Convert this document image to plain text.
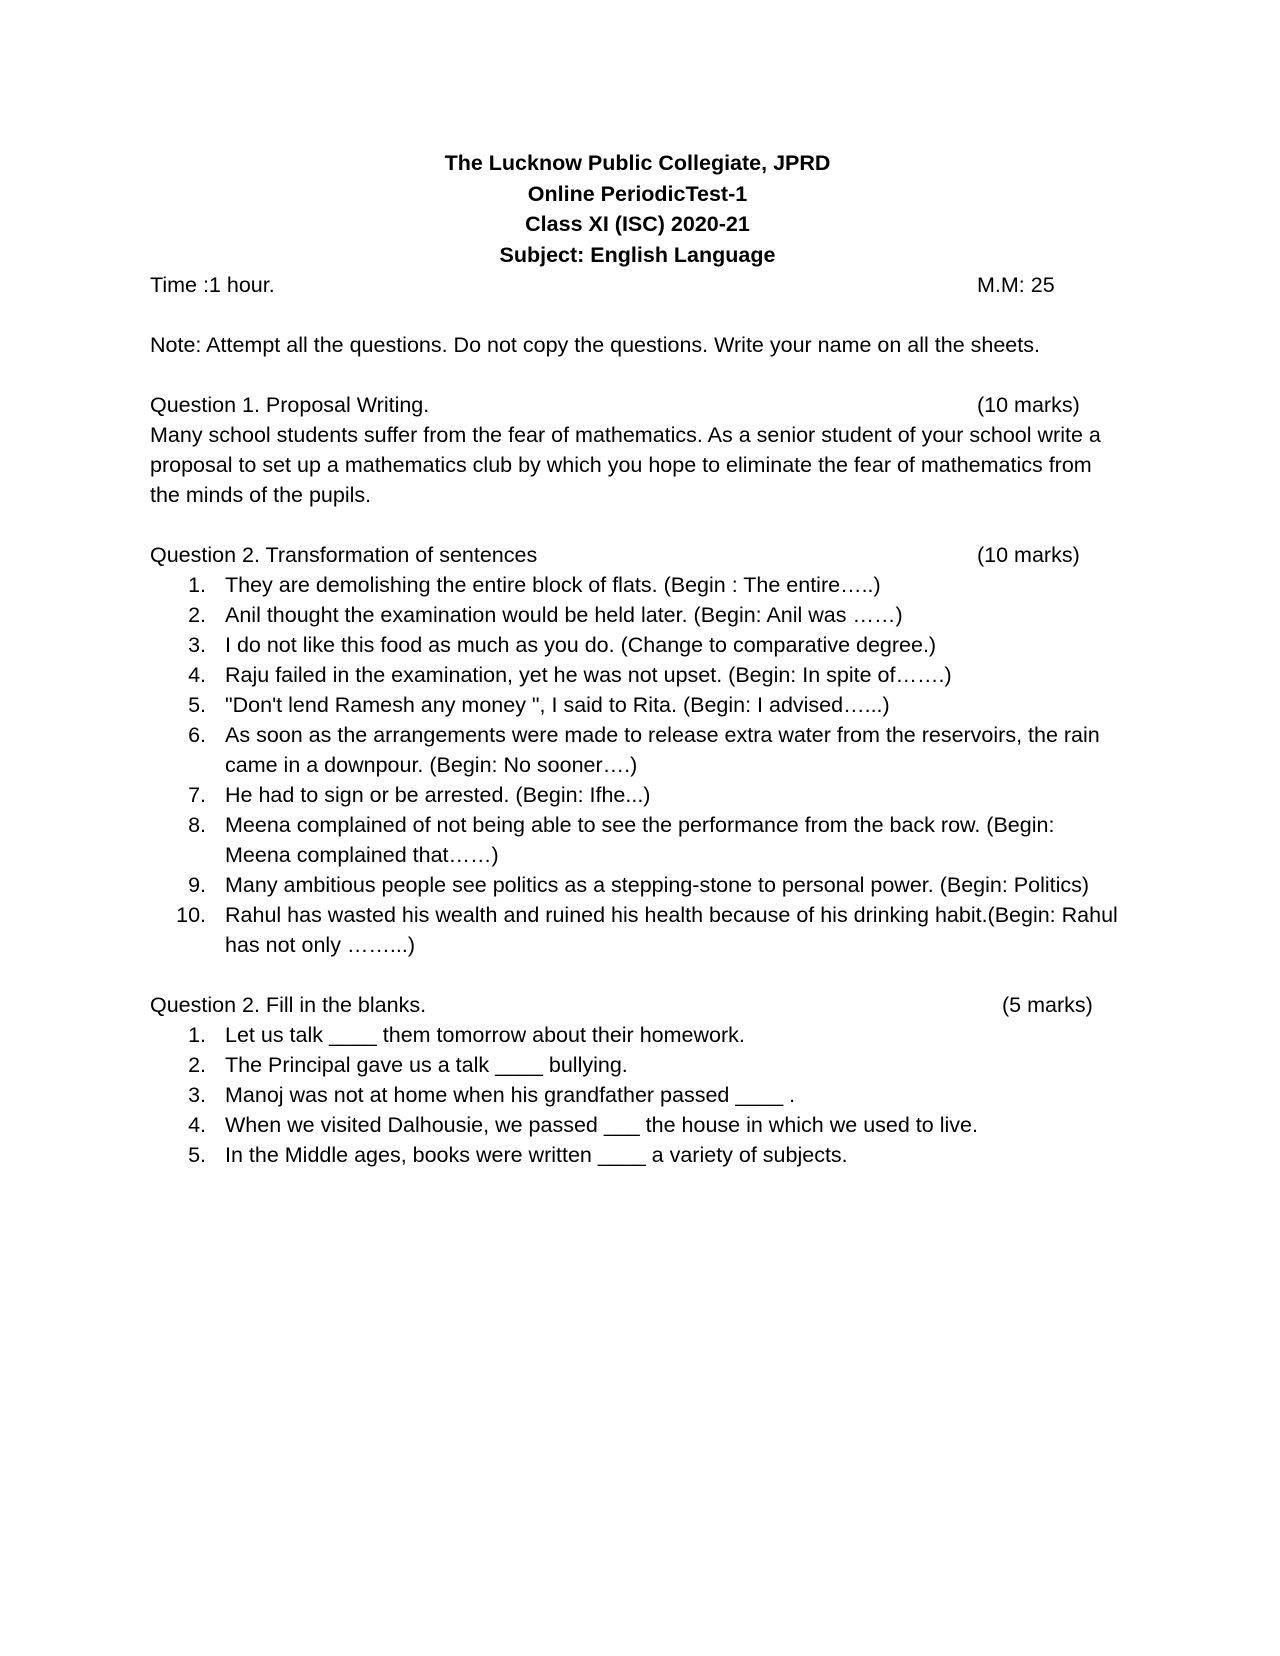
The Lucknow Public Collegiate, JPRD
Online PeriodicTest-1
Class XI (ISC) 2020-21
Subject: English Language
Time :1 hour.	M.M: 25
Note: Attempt all the questions. Do not copy the questions. Write your name on all the sheets.
Question 1. Proposal Writing.	(10 marks)
Many school students suffer from the fear of mathematics. As a senior student of your school write a proposal to set up a mathematics club by which you hope to eliminate the fear of mathematics from the minds of the pupils.
Question 2. Transformation of sentences	(10 marks)
1. They are demolishing the entire block of flats. (Begin : The entire…..)
2. Anil thought the examination would be held later. (Begin: Anil was ……)
3. I do not like this food as much as you do. (Change to comparative degree.)
4. Raju failed in the examination, yet he was not upset. (Begin: In spite of…….)
5. "Don't lend Ramesh any money ", I said to Rita. (Begin: I advised…...)
6. As soon as the arrangements were made to release extra water from the reservoirs, the rain came in a downpour. (Begin: No sooner….)
7. He had to sign or be arrested. (Begin: Ifhe...)
8. Meena complained of not being able to see the performance from the back row. (Begin: Meena complained that……)
9. Many ambitious people see politics as a stepping-stone to personal power. (Begin: Politics)
10. Rahul has wasted his wealth and ruined his health because of his drinking habit.(Begin: Rahul has not only ……...)
Question 2. Fill in the blanks.	(5 marks)
1. Let us talk ____ them tomorrow about their homework.
2. The Principal gave us a talk ____ bullying.
3. Manoj was not at home when his grandfather passed ____ .
4. When we visited Dalhousie, we passed ___ the house in which we used to live.
5. In the Middle ages, books were written ____ a variety of subjects.
